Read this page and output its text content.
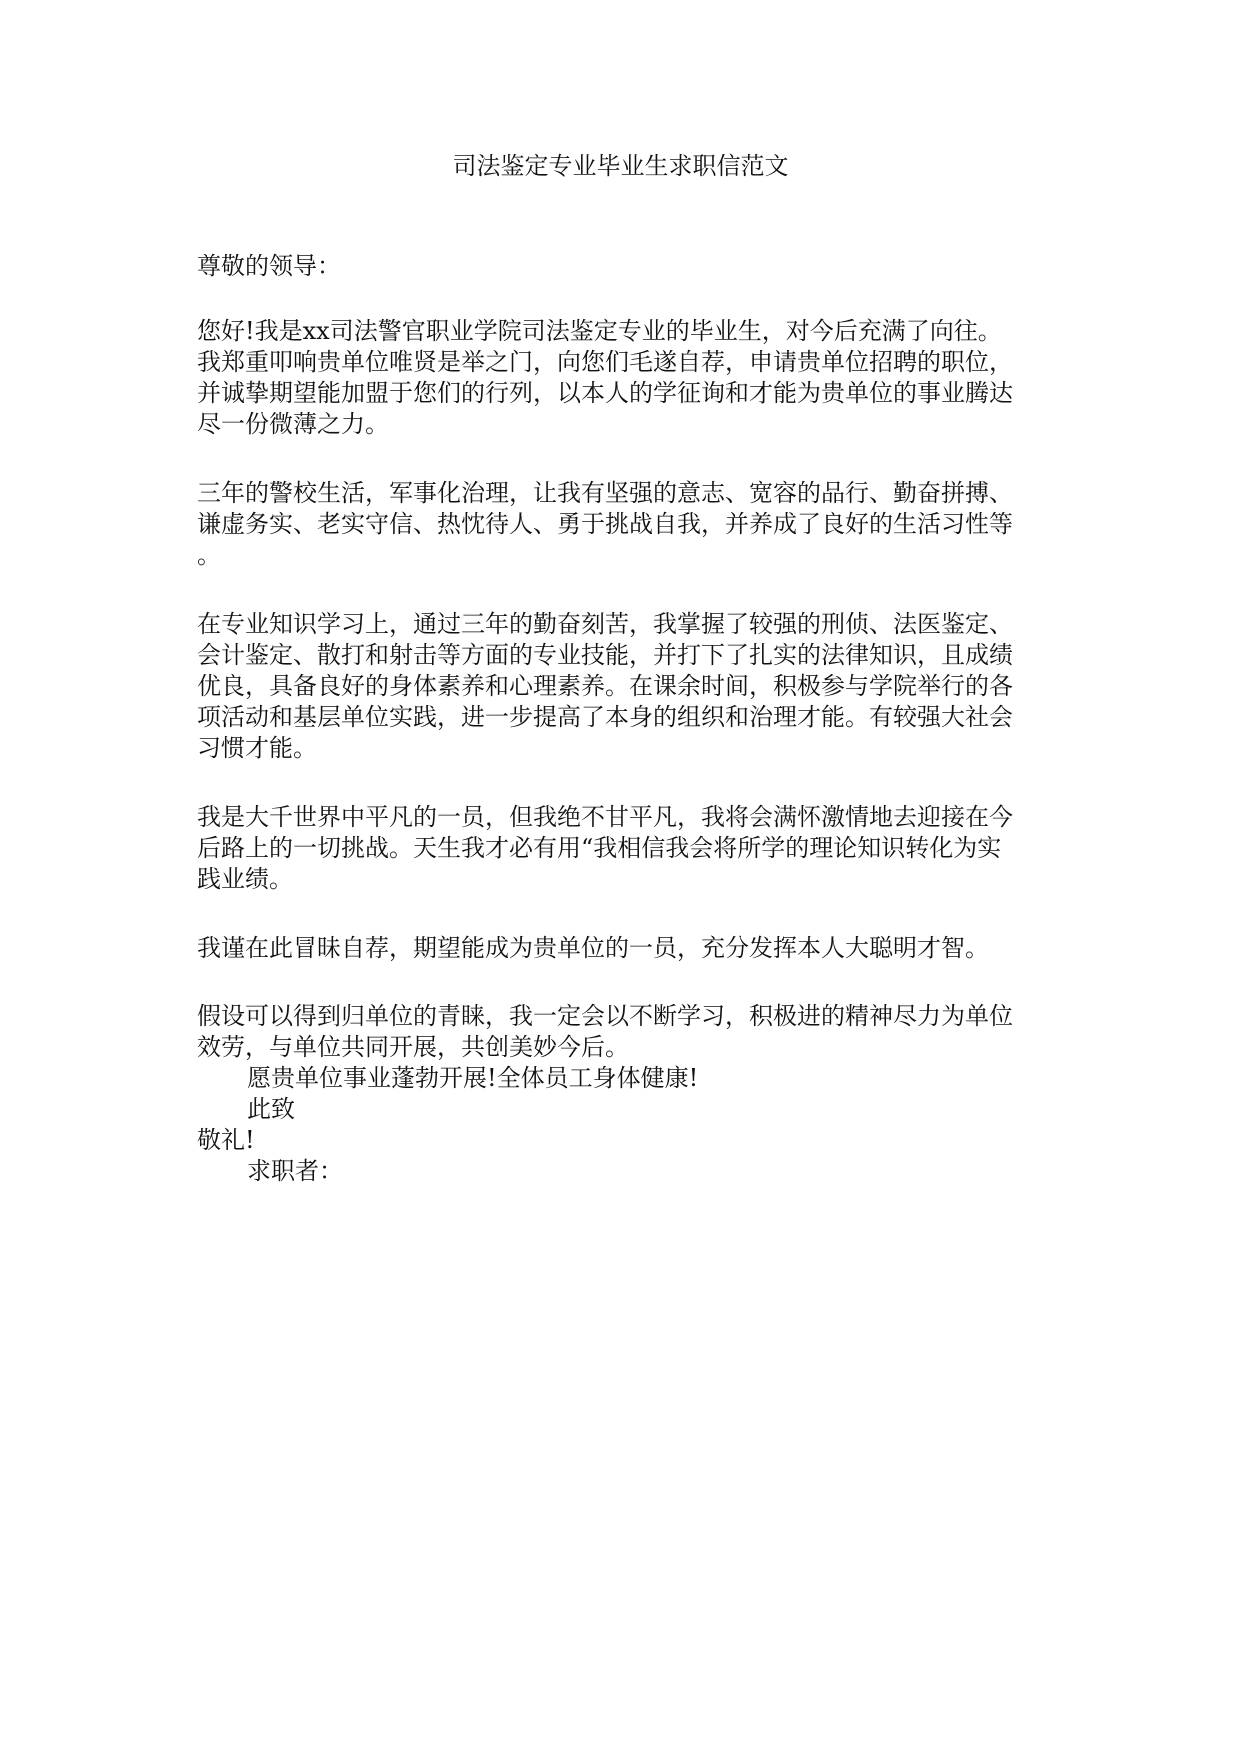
司法鉴定专业毕业生求职信范文
尊敬的领导：
您好!我是xx司法警官职业学院司法鉴定专业的毕业生，对今后充满了向往。
我郑重叩响贵单位唯贤是举之门，向您们毛遂自荐，申请贵单位招聘的职位，
并诚挚期望能加盟于您们的行列，以本人的学征询和才能为贵单位的事业腾达
尽一份微薄之力。
三年的警校生活，军事化治理，让我有坚强的意志、宽容的品行、勤奋拼搏、
谦虚务实、老实守信、热忱待人、勇于挑战自我，并养成了良好的生活习性等
。
在专业知识学习上，通过三年的勤奋刻苦，我掌握了较强的刑侦、法医鉴定、
会计鉴定、散打和射击等方面的专业技能，并打下了扎实的法律知识，且成绩
优良，具备良好的身体素养和心理素养。在课余时间，积极参与学院举行的各
项活动和基层单位实践，进一步提高了本身的组织和治理才能。有较强大社会
习惯才能。
我是大千世界中平凡的一员，但我绝不甘平凡，我将会满怀激情地去迎接在今
后路上的一切挑战。天生我才必有用“我相信我会将所学的理论知识转化为实
践业绩。
我谨在此冒昧自荐，期望能成为贵单位的一员，充分发挥本人大聪明才智。
假设可以得到归单位的青睐，我一定会以不断学习，积极进的精神尽力为单位
效劳，与单位共同开展，共创美妙今后。
愿贵单位事业蓬勃开展!全体员工身体健康!
此致
敬礼!
求职者：
